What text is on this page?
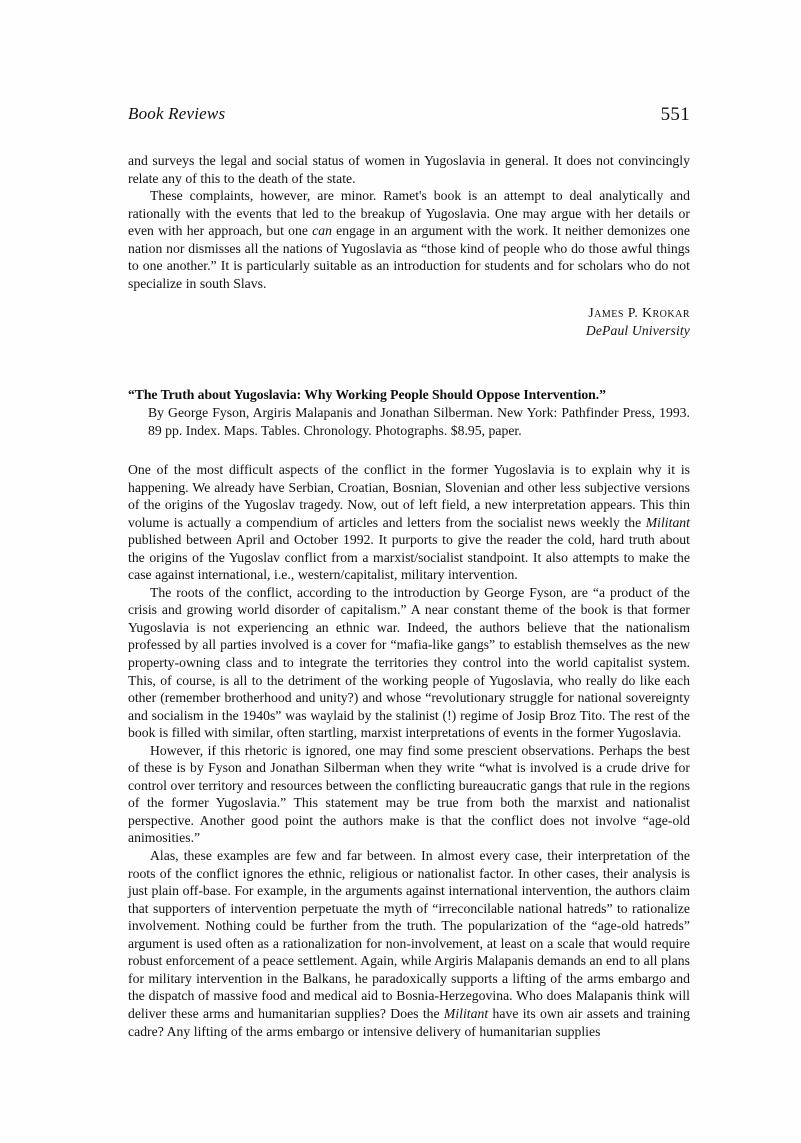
Book Reviews	551

and surveys the legal and social status of women in Yugoslavia in general. It does not convincingly relate any of this to the death of the state.

These complaints, however, are minor. Ramet's book is an attempt to deal analytically and rationally with the events that led to the breakup of Yugoslavia. One may argue with her details or even with her approach, but one can engage in an argument with the work. It neither demonizes one nation nor dismisses all the nations of Yugoslavia as “those kind of people who do those awful things to one another.” It is particularly suitable as an introduction for students and for scholars who do not specialize in south Slavs.

James P. Krokar
DePaul University

“The Truth about Yugoslavia: Why Working People Should Oppose Intervention.”

By George Fyson, Argiris Malapanis and Jonathan Silberman. New York: Pathfinder Press, 1993. 89 pp. Index. Maps. Tables. Chronology. Photographs. $8.95, paper.

One of the most difficult aspects of the conflict in the former Yugoslavia is to explain why it is happening. We already have Serbian, Croatian, Bosnian, Slovenian and other less subjective versions of the origins of the Yugoslav tragedy. Now, out of left field, a new interpretation appears. This thin volume is actually a compendium of articles and letters from the socialist news weekly the Militant published between April and October 1992. It purports to give the reader the cold, hard truth about the origins of the Yugoslav conflict from a marxist/socialist standpoint. It also attempts to make the case against international, i.e., western/capitalist, military intervention.

The roots of the conflict, according to the introduction by George Fyson, are “a product of the crisis and growing world disorder of capitalism.” A near constant theme of the book is that former Yugoslavia is not experiencing an ethnic war. Indeed, the authors believe that the nationalism professed by all parties involved is a cover for “mafia-like gangs” to establish themselves as the new property-owning class and to integrate the territories they control into the world capitalist system. This, of course, is all to the detriment of the working people of Yugoslavia, who really do like each other (remember brotherhood and unity?) and whose “revolutionary struggle for national sovereignty and socialism in the 1940s” was waylaid by the stalinist (!) regime of Josip Broz Tito. The rest of the book is filled with similar, often startling, marxist interpretations of events in the former Yugoslavia.

However, if this rhetoric is ignored, one may find some prescient observations. Perhaps the best of these is by Fyson and Jonathan Silberman when they write “what is involved is a crude drive for control over territory and resources between the conflicting bureaucratic gangs that rule in the regions of the former Yugoslavia.” This statement may be true from both the marxist and nationalist perspective. Another good point the authors make is that the conflict does not involve “age-old animosities.”

Alas, these examples are few and far between. In almost every case, their interpretation of the roots of the conflict ignores the ethnic, religious or nationalist factor. In other cases, their analysis is just plain off-base. For example, in the arguments against international intervention, the authors claim that supporters of intervention perpetuate the myth of “irreconcilable national hatreds” to rationalize involvement. Nothing could be further from the truth. The popularization of the “age-old hatreds” argument is used often as a rationalization for non-involvement, at least on a scale that would require robust enforcement of a peace settlement. Again, while Argiris Malapanis demands an end to all plans for military intervention in the Balkans, he paradoxically supports a lifting of the arms embargo and the dispatch of massive food and medical aid to Bosnia-Herzegovina. Who does Malapanis think will deliver these arms and humanitarian supplies? Does the Militant have its own air assets and training cadre? Any lifting of the arms embargo or intensive delivery of humanitarian supplies
